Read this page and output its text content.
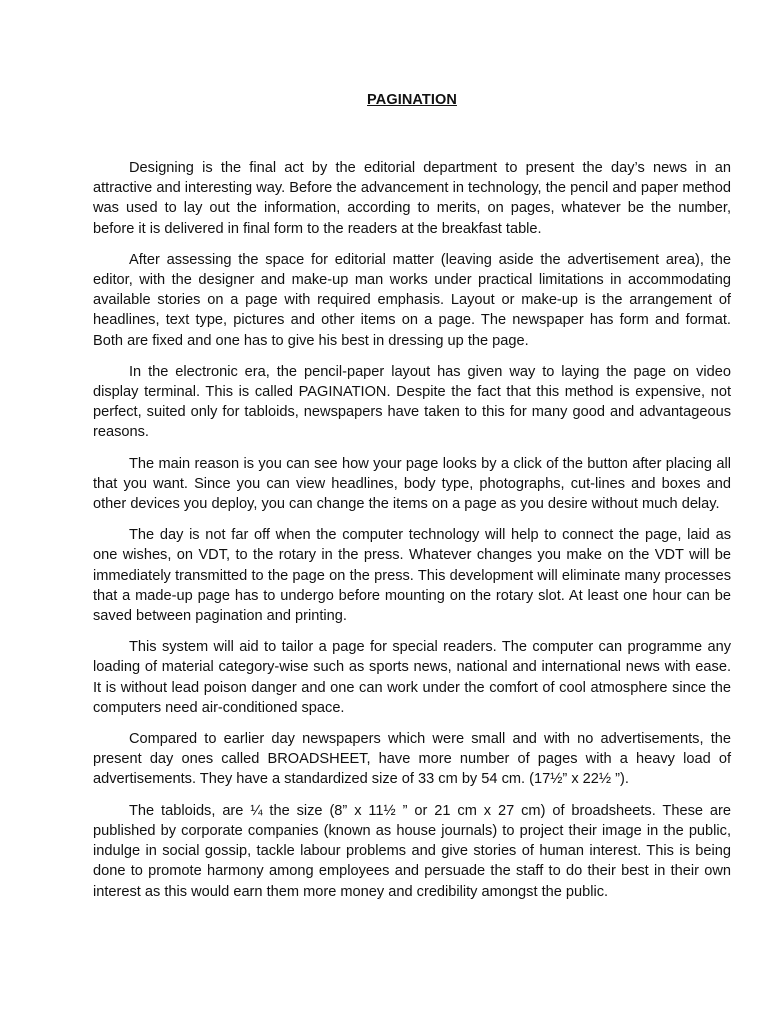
PAGINATION

Designing is the final act by the editorial department to present the day’s news in an attractive and interesting way. Before the advancement in technology, the pencil and paper method was used to lay out the information, according to merits, on pages, whatever be the number, before it is delivered in final form to the readers at the breakfast table.

After assessing the space for editorial matter (leaving aside the advertisement area), the editor, with the designer and make-up man works under practical limitations in accommodating available stories on a page with required emphasis. Layout or make-up is the arrangement of headlines, text type, pictures and other items on a page. The newspaper has form and format. Both are fixed and one has to give his best in dressing up the page.

In the electronic era, the pencil-paper layout has given way to laying the page on video display terminal. This is called PAGINATION. Despite the fact that this method is expensive, not perfect, suited only for tabloids, newspapers have taken to this for many good and advantageous reasons.

The main reason is you can see how your page looks by a click of the button after placing all that you want. Since you can view headlines, body type, photographs, cut-lines and boxes and other devices you deploy, you can change the items on a page as you desire without much delay.

The day is not far off when the computer technology will help to connect the page, laid as one wishes, on VDT, to the rotary in the press. Whatever changes you make on the VDT will be immediately transmitted to the page on the press. This development will eliminate many processes that a made-up page has to undergo before mounting on the rotary slot. At least one hour can be saved between pagination and printing.

This system will aid to tailor a page for special readers. The computer can programme any loading of material category-wise such as sports news, national and international news with ease. It is without lead poison danger and one can work under the comfort of cool atmosphere since the computers need air-conditioned space.

Compared to earlier day newspapers which were small and with no advertisements, the present day ones called BROADSHEET, have more number of pages with a heavy load of advertisements. They have a standardized size of 33 cm by 54 cm. (17½” x 22½ ”).

The tabloids, are ¼ the size (8” x 11½ ” or 21 cm x 27 cm) of broadsheets. These are published by corporate companies (known as house journals) to project their image in the public, indulge in social gossip, tackle labour problems and give stories of human interest. This is being done to promote harmony among employees and persuade the staff to do their best in their own interest as this would earn them more money and credibility amongst the public.
